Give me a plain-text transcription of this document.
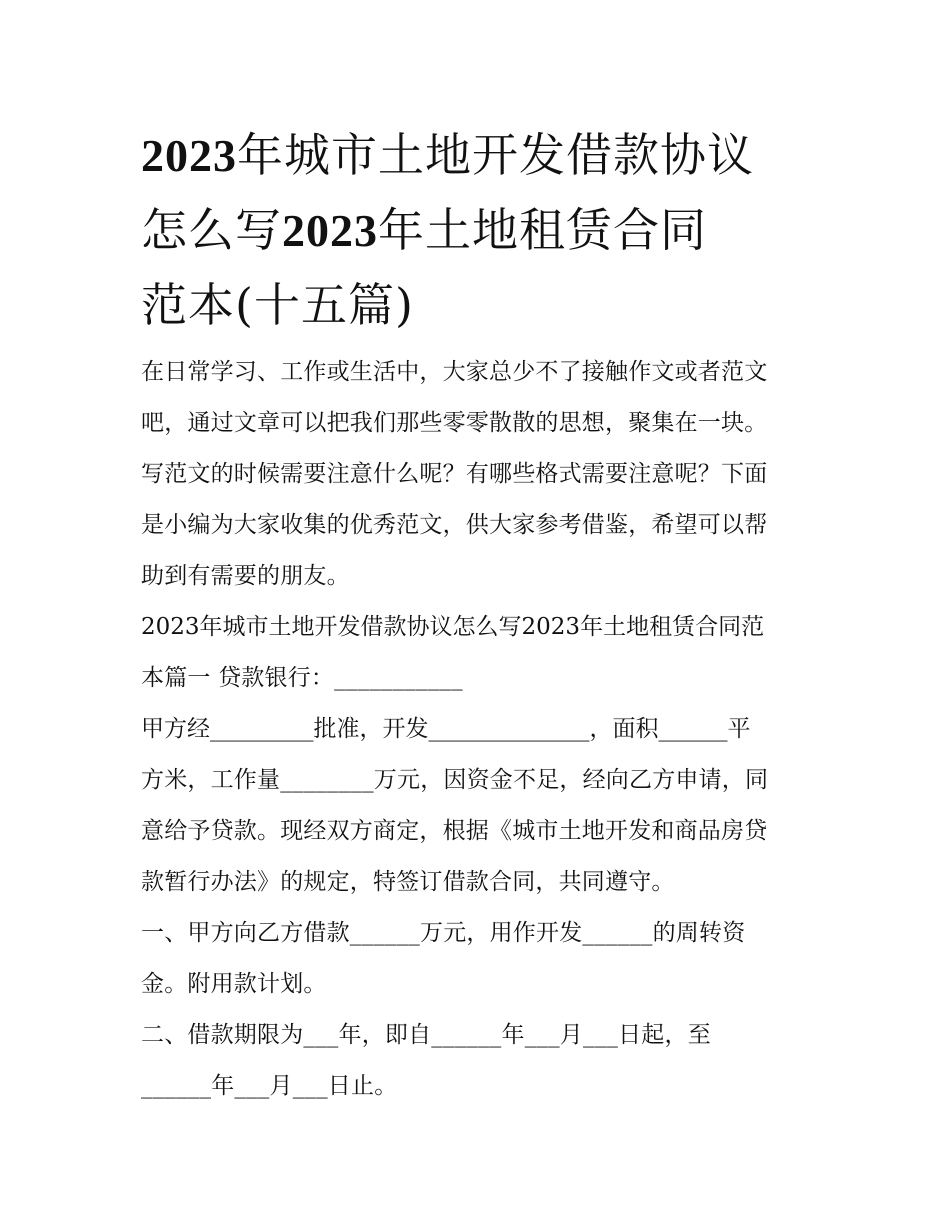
2023年城市土地开发借款协议
怎么写2023年土地租赁合同
范本(十五篇)

在日常学习、工作或生活中，大家总少不了接触作文或者范文

吧，通过文章可以把我们那些零零散散的思想，聚集在一块。

写范文的时候需要注意什么呢？有哪些格式需要注意呢？下面

是小编为大家收集的优秀范文，供大家参考借鉴，希望可以帮

助到有需要的朋友。

2023年城市土地开发借款协议怎么写2023年土地租赁合同范

本篇一 贷款银行：___________

甲方经_________批准，开发______________，面积______平

方米，工作量________万元，因资金不足，经向乙方申请，同

意给予贷款。现经双方商定，根据《城市土地开发和商品房贷

款暂行办法》的规定，特签订借款合同，共同遵守。

一、甲方向乙方借款______万元，用作开发______的周转资

金。附用款计划。

二、借款期限为___年，即自______年___月___日起，至

______年___月___日止。
